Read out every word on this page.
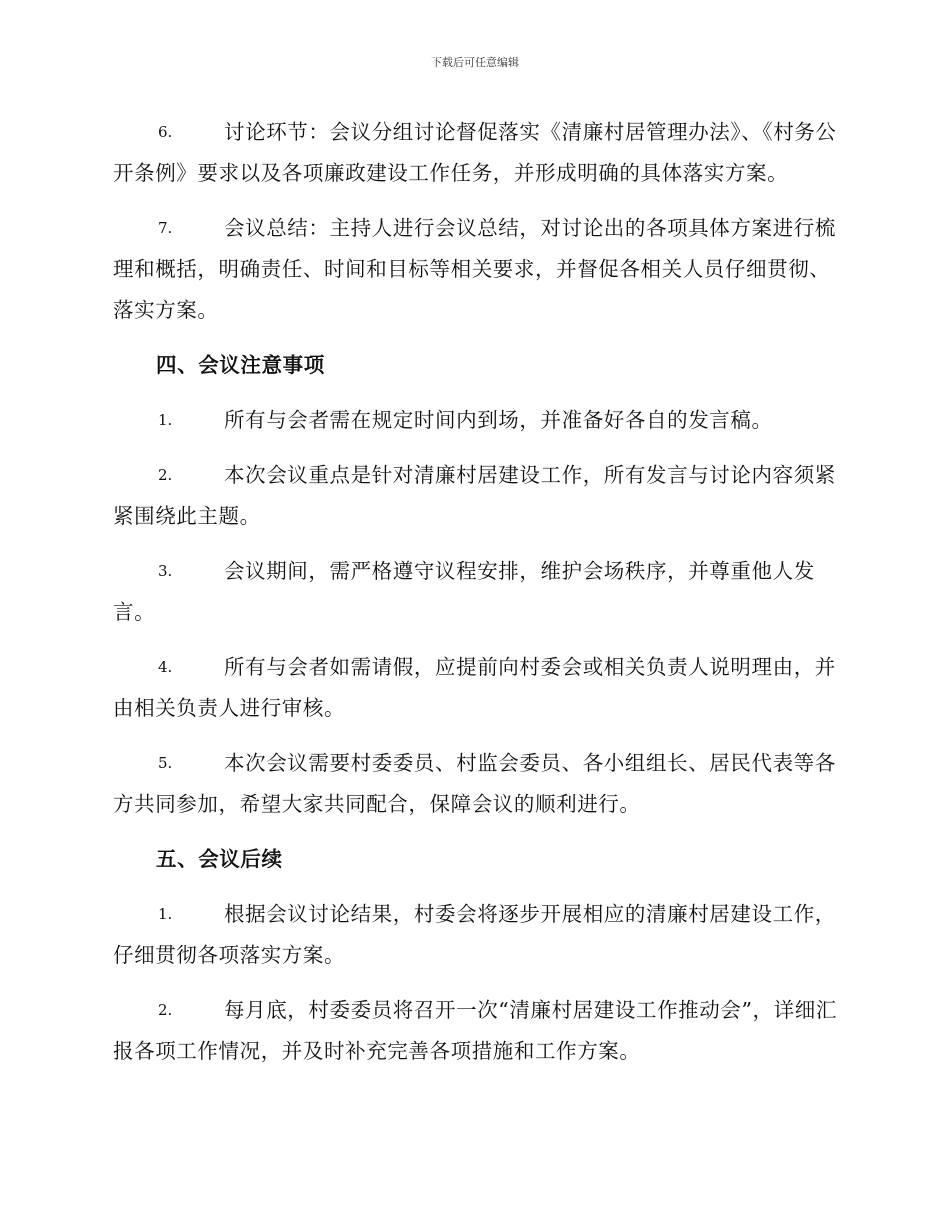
下载后可任意编辑

6.	讨论环节：会议分组讨论督促落实《清廉村居管理办法》、《村务公开条例》要求以及各项廉政建设工作任务，并形成明确的具体落实方案。

7.	会议总结：主持人进行会议总结，对讨论出的各项具体方案进行梳理和概括，明确责任、时间和目标等相关要求，并督促各相关人员仔细贯彻、落实方案。

四、会议注意事项

1.	所有与会者需在规定时间内到场，并准备好各自的发言稿。

2.	本次会议重点是针对清廉村居建设工作，所有发言与讨论内容须紧紧围绕此主题。

3.	会议期间，需严格遵守议程安排，维护会场秩序，并尊重他人发言。

4.	所有与会者如需请假，应提前向村委会或相关负责人说明理由，并由相关负责人进行审核。

5.	本次会议需要村委委员、村监会委员、各小组组长、居民代表等各方共同参加，希望大家共同配合，保障会议的顺利进行。

五、会议后续

1.	根据会议讨论结果，村委会将逐步开展相应的清廉村居建设工作，仔细贯彻各项落实方案。

2.	每月底，村委委员将召开一次“清廉村居建设工作推动会”，详细汇报各项工作情况，并及时补充完善各项措施和工作方案。
